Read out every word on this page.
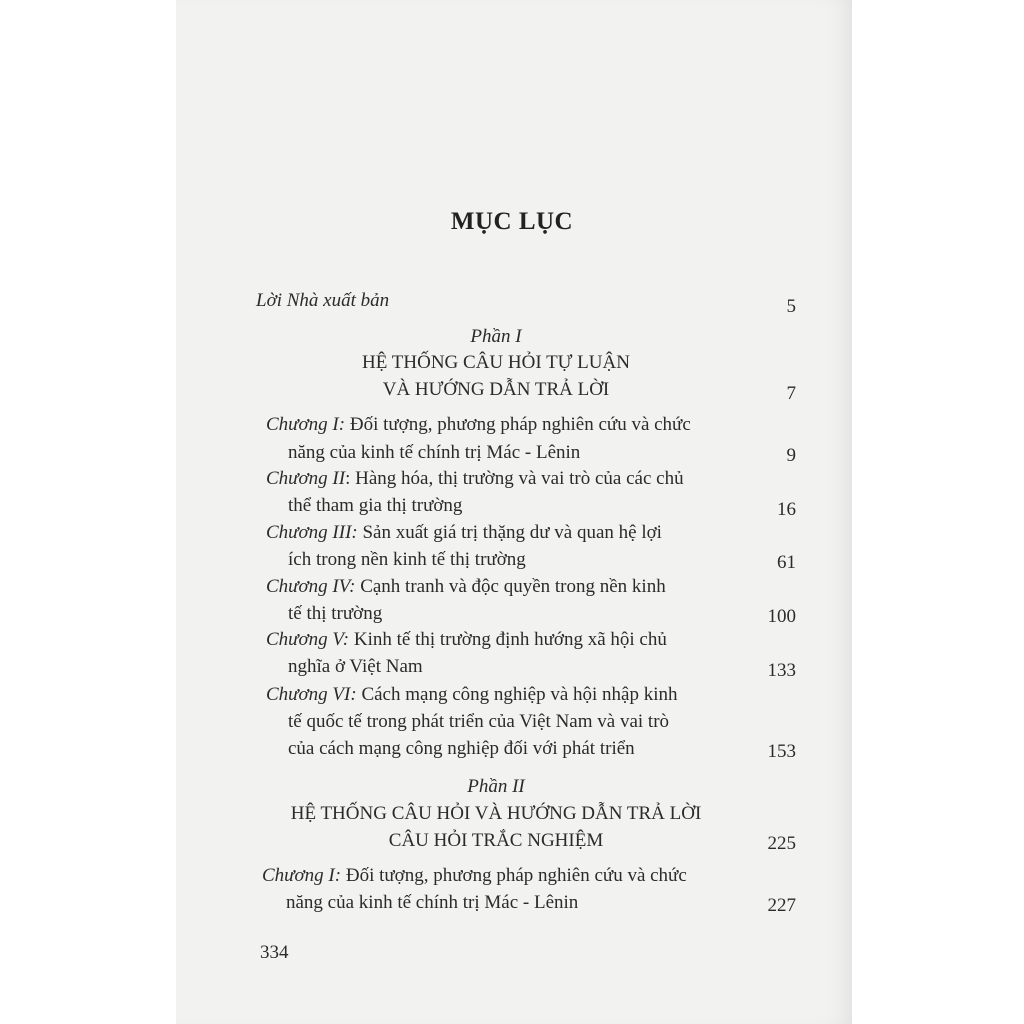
MỤC LỤC
Lời Nhà xuất bản	5
Phần I
HỆ THỐNG CÂU HỎI TỰ LUẬN
VÀ HƯỚNG DẪN TRẢ LỜI	7
Chương I: Đối tượng, phương pháp nghiên cứu và chức
năng của kinh tế chính trị Mác - Lênin	9
Chương II: Hàng hóa, thị trường và vai trò của các chủ
thể tham gia thị trường	16
Chương III: Sản xuất giá trị thặng dư và quan hệ lợi
ích trong nền kinh tế thị trường	61
Chương IV: Cạnh tranh và độc quyền trong nền kinh
tế thị trường	100
Chương V: Kinh tế thị trường định hướng xã hội chủ
nghĩa ở Việt Nam	133
Chương VI: Cách mạng công nghiệp và hội nhập kinh
tế quốc tế trong phát triển của Việt Nam và vai trò
của cách mạng công nghiệp đối với phát triển	153
Phần II
HỆ THỐNG CÂU HỎI VÀ HƯỚNG DẪN TRẢ LỜI
CÂU HỎI TRẮC NGHIỆM	225
Chương I: Đối tượng, phương pháp nghiên cứu và chức
năng của kinh tế chính trị Mác - Lênin	227
334
